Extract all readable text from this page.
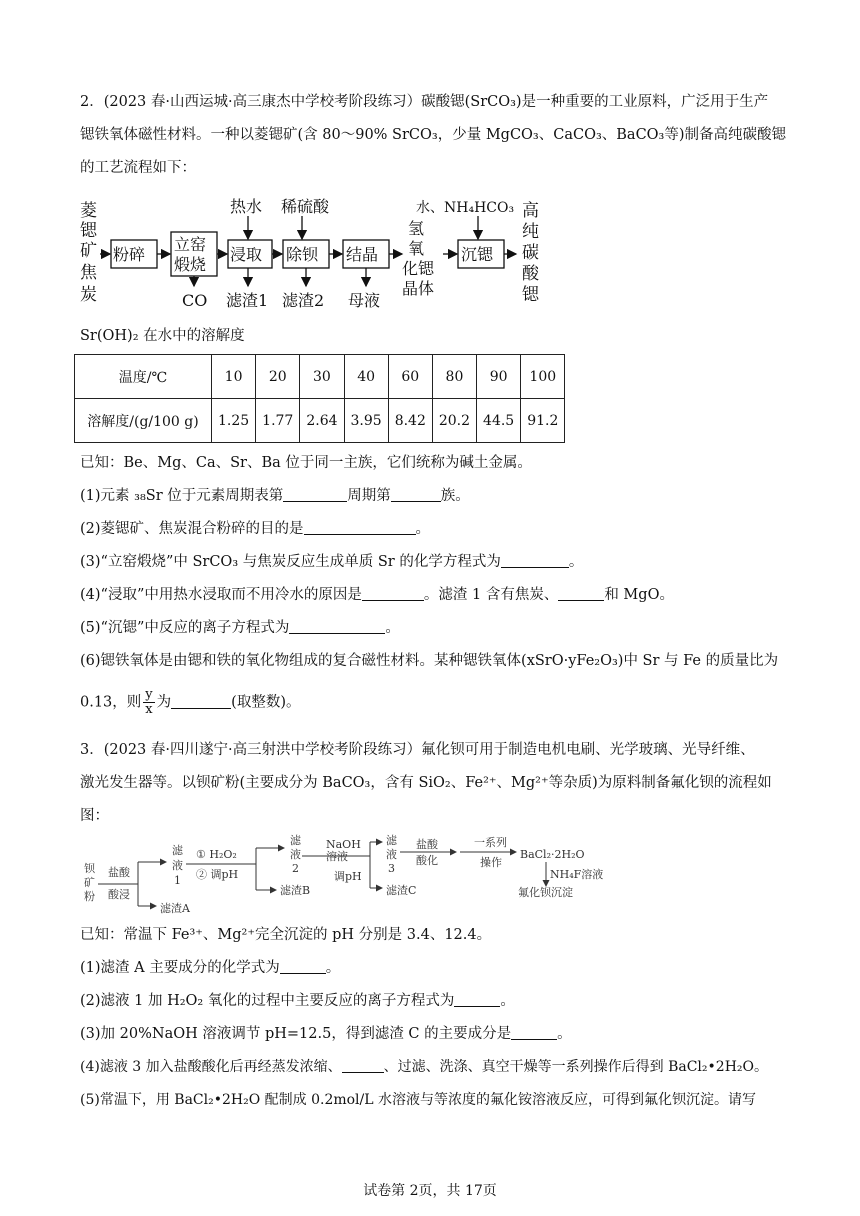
2．(2023 春·山西运城·高三康杰中学校考阶段练习）碳酸锶(SrCO₃)是一种重要的工业原料，广泛用于生产
锶铁氧体磁性材料。一种以菱锶矿(含 80～90% SrCO₃，少量 MgCO₃、CaCO₃、BaCO₃等)制备高纯碳酸锶
的工艺流程如下：
菱
锶
矿
焦
炭
粉碎
立窑
煅烧
浸取 除钡 结晶	沉锶
热水 稀硫酸	水、NH₄HCO₃
CO 滤渣1 滤渣2 母液
氢
氧
化锶
晶体
高
纯
碳
酸
锶
Sr(OH)₂ 在水中的溶解度
温度/℃	10	20	30	40	60	80	90	100
溶解度/(g/100 g)	1.25	1.77	2.64	3.95	8.42	20.2	44.5	91.2
已知：Be、Mg、Ca、Sr、Ba 位于同一主族，它们统称为碱土金属。
(1)元素 ₃₈Sr 位于元素周期表第	周期第	族。
(2)菱锶矿、焦炭混合粉碎的目的是	。
(3)“立窑煅烧”中 SrCO₃ 与焦炭反应生成单质 Sr 的化学方程式为	。
(4)“浸取”中用热水浸取而不用冷水的原因是	。滤渣 1 含有焦炭、	和 MgO。
(5)“沉锶”中反应的离子方程式为	。
(6)锶铁氧体是由锶和铁的氧化物组成的复合磁性材料。某种锶铁氧体(xSrO·yFe₂O₃)中 Sr 与 Fe 的质量比为
0.13，则 $\frac{y}{x}$ 为	(取整数)。
3．(2023 春·四川遂宁·高三射洪中学校考阶段练习）氟化钡可用于制造电机电刷、光学玻璃、光导纤维、
激光发生器等。以钡矿粉(主要成分为 BaCO₃，含有 SiO₂、Fe²⁺、Mg²⁺等杂质)为原料制备氟化钡的流程如
图：
钡
矿
粉
盐酸
酸浸
滤
液
1
滤渣A
① H₂O₂
② 调pH
滤
液
2
滤渣B
NaOH
溶液
调pH
滤
液
3
滤渣C
盐酸
酸化
一系列
操作
BaCl₂·2H₂O
NH₄F溶液
氟化钡沉淀
已知：常温下 Fe³⁺、Mg²⁺完全沉淀的 pH 分别是 3.4、12.4。
(1)滤渣 A 主要成分的化学式为	。
(2)滤液 1 加 H₂O₂ 氧化的过程中主要反应的离子方程式为	。
(3)加 20%NaOH 溶液调节 pH=12.5，得到滤渣 C 的主要成分是	。
(4)滤液 3 加入盐酸酸化后再经蒸发浓缩、	、过滤、洗涤、真空干燥等一系列操作后得到 BaCl₂•2H₂O。
(5)常温下，用 BaCl₂•2H₂O 配制成 0.2mol/L 水溶液与等浓度的氟化铵溶液反应，可得到氟化钡沉淀。请写
试卷第 2页，共 17页
